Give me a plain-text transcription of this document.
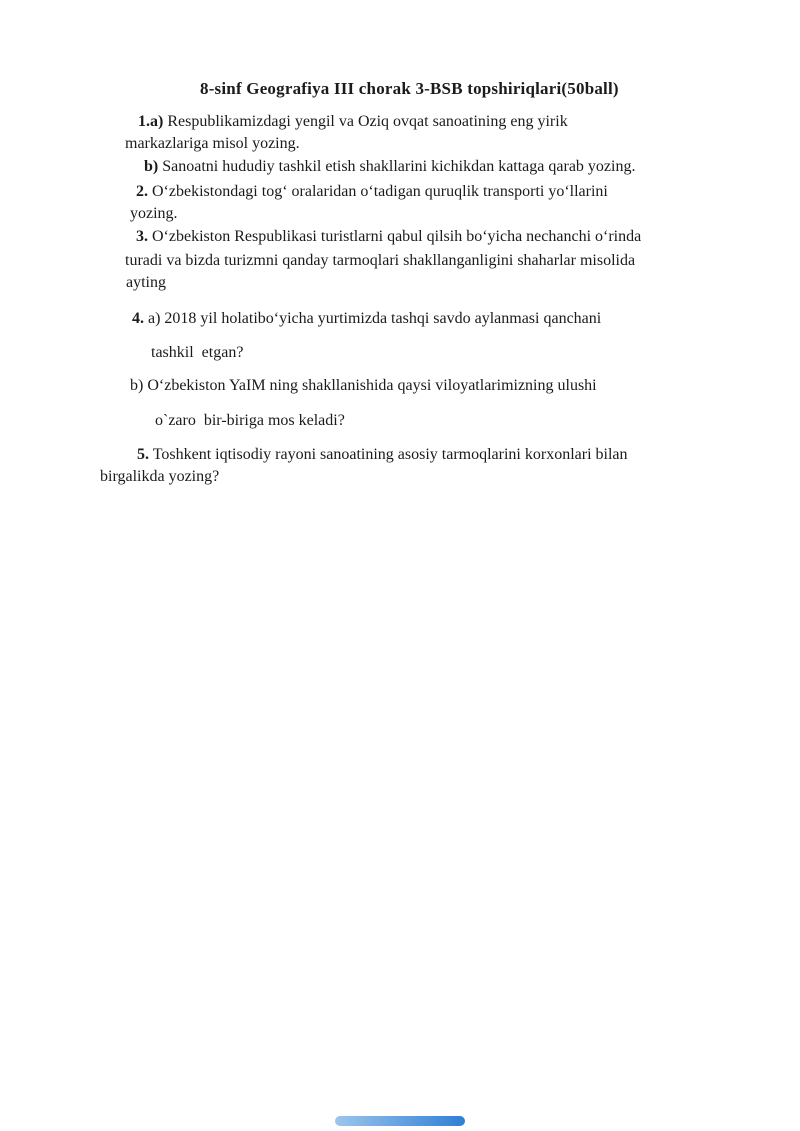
8-sinf Geografiya III chorak 3-BSB topshiriqlari(50ball)
1.a) Respublikamizdagi yengil va Oziq ovqat sanoatining eng yirik
markazlariga misol yozing.
b) Sanoatni hududiy tashkil etish shakllarini kichikdan kattaga qarab yozing.
2. Oʻzbekistondagi togʻ oralaridan oʻtadigan quruqlik transporti yoʻllarini
yozing.
3. Oʻzbekiston Respublikasi turistlarni qabul qilsih boʻyicha nechanchi oʻrinda
turadi va bizda turizmni qanday tarmoqlari shakllanganligini shaharlar misolida
ayting
4. a) 2018 yil holatiboʻyicha yurtimizda tashqi savdo aylanmasi qanchani
tashkil  etgan?
b) Oʻzbekiston YaIM ning shakllanishida qaysi viloyatlarimizning ulushi
o`zaro  bir-biriga mos keladi?
5. Toshkent iqtisodiy rayoni sanoatining asosiy tarmoqlarini korxonlari bilan
birgalikda yozing?
